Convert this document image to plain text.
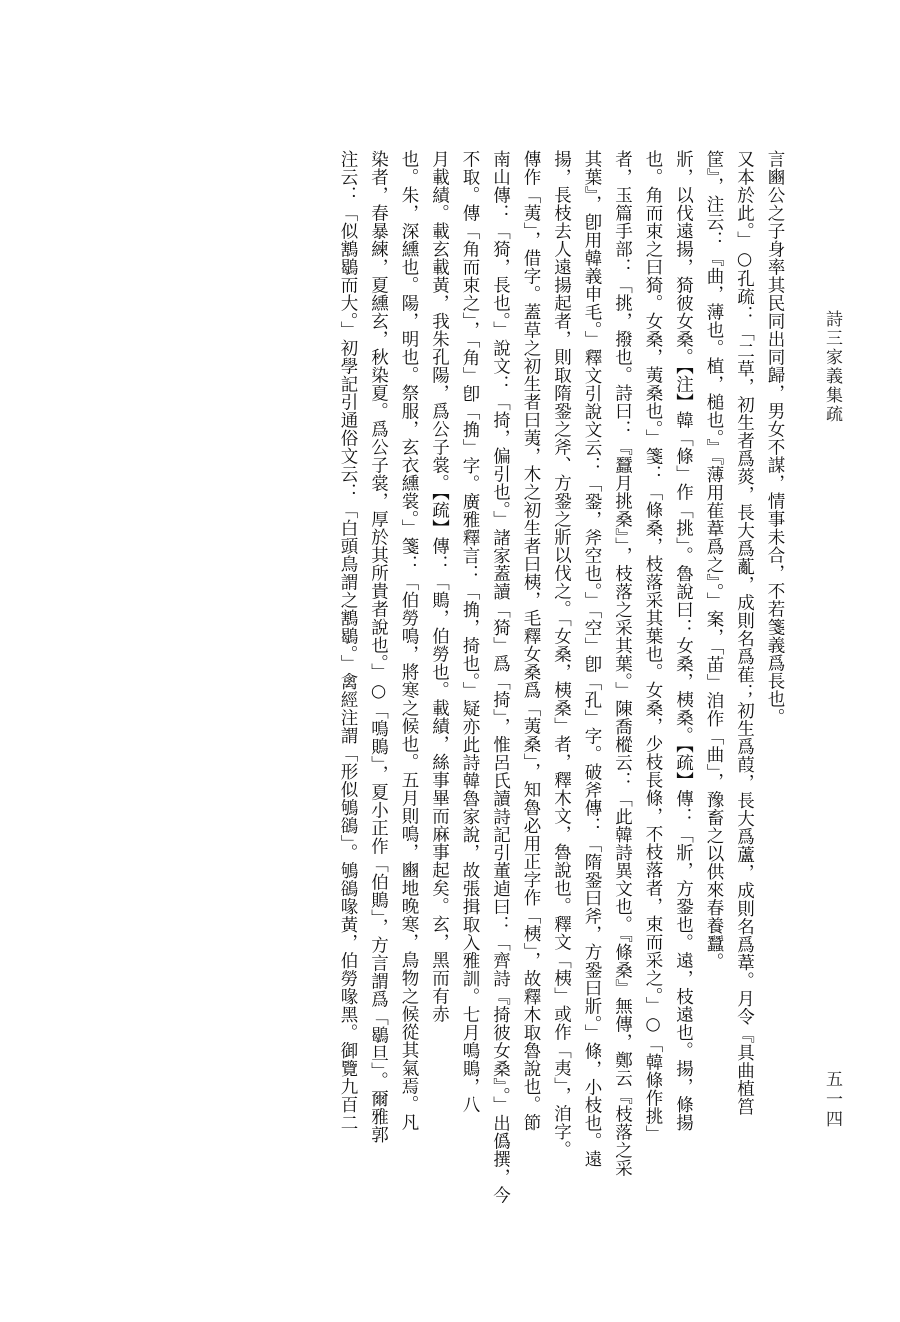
詩三家義集疏
五一四
言豳公之子身率其民同出同歸，男女不謀，情事未合，不若箋義爲長也。
又本於此。」○孔疏：「二草，初生者爲菼，長大爲薍，成則名爲萑；初生爲葭，長大爲蘆，成則名爲葦。月令『具曲植筥
筐』，注云：『曲，薄也。植，槌也。』『薄用萑葦爲之』。」案，「苖」洎作「曲」，豫畜之以供來春養蠶。
斨，以伐遠揚，猗彼女桑。【注】韓「條」作「挑」。魯說曰：女桑，桋桑。【疏】傳：「斨，方銎也。遠，枝遠也。揚，條揚
也。角而束之曰猗。女桑，荑桑也。」箋：「條桑，枝落采其葉也。女桑，少枝長條，不枝落者，束而采之。」○「韓條作挑」
者，玉篇手部：「挑，撥也。詩曰：『蠶月挑桑』」，枝落之采其葉。」陳喬樅云：「此韓詩異文也。『條桑』無傳，鄭云『枝落之采
其葉』，卽用韓義申毛。」釋文引說文云：「銎，斧空也。」「空」卽「孔」字。破斧傳：「隋銎曰斧，方銎曰斨。」條，小枝也。遠
揚，長枝去人遠揚起者，則取隋銎之斧、方銎之斨以伐之。「女桑，桋桑」者，釋木文，魯說也。釋文「桋」或作「夷」，洎字。
傳作「荑」，借字。蓋草之初生者曰荑，木之初生者曰桋，毛釋女桑爲「荑桑」，知魯必用正字作「桋」，故釋木取魯說也。節
南山傳：「猗，長也。」說文：「掎，偏引也。」諸家蓋讀「猗」爲「掎」，惟呂氏讀詩記引董逌曰：「齊詩『掎彼女桑』。」出僞撰，今
不取。傳「角而束之」，「角」卽「捔」字。廣雅釋言：「捔，掎也。」疑亦此詩韓魯家說，故張揖取入雅訓。七月鳴鵙，八
月載績。載玄載黃，我朱孔陽，爲公子裳。【疏】傳：「鵙，伯勞也。載績，絲事畢而麻事起矣。玄，黑而有赤
也。朱，深纁也。陽，明也。祭服，玄衣纁裳。」箋：「伯勞鳴，將寒之候也。五月則鳴，豳地晚寒，鳥物之候從其氣焉。凡
染者，春暴練，夏纁玄，秋染夏。爲公子裳，厚於其所貴者說也。」○「鳴鵙」，夏小正作「伯鵙」，方言謂爲「鶡旦」。爾雅郭
注云：「似鶷鶡而大。」初學記引通俗文云：「白頭鳥謂之鶷鶡。」禽經注謂「形似鴝鵒」。鴝鵒喙黃，伯勞喙黑。御覽九百二
